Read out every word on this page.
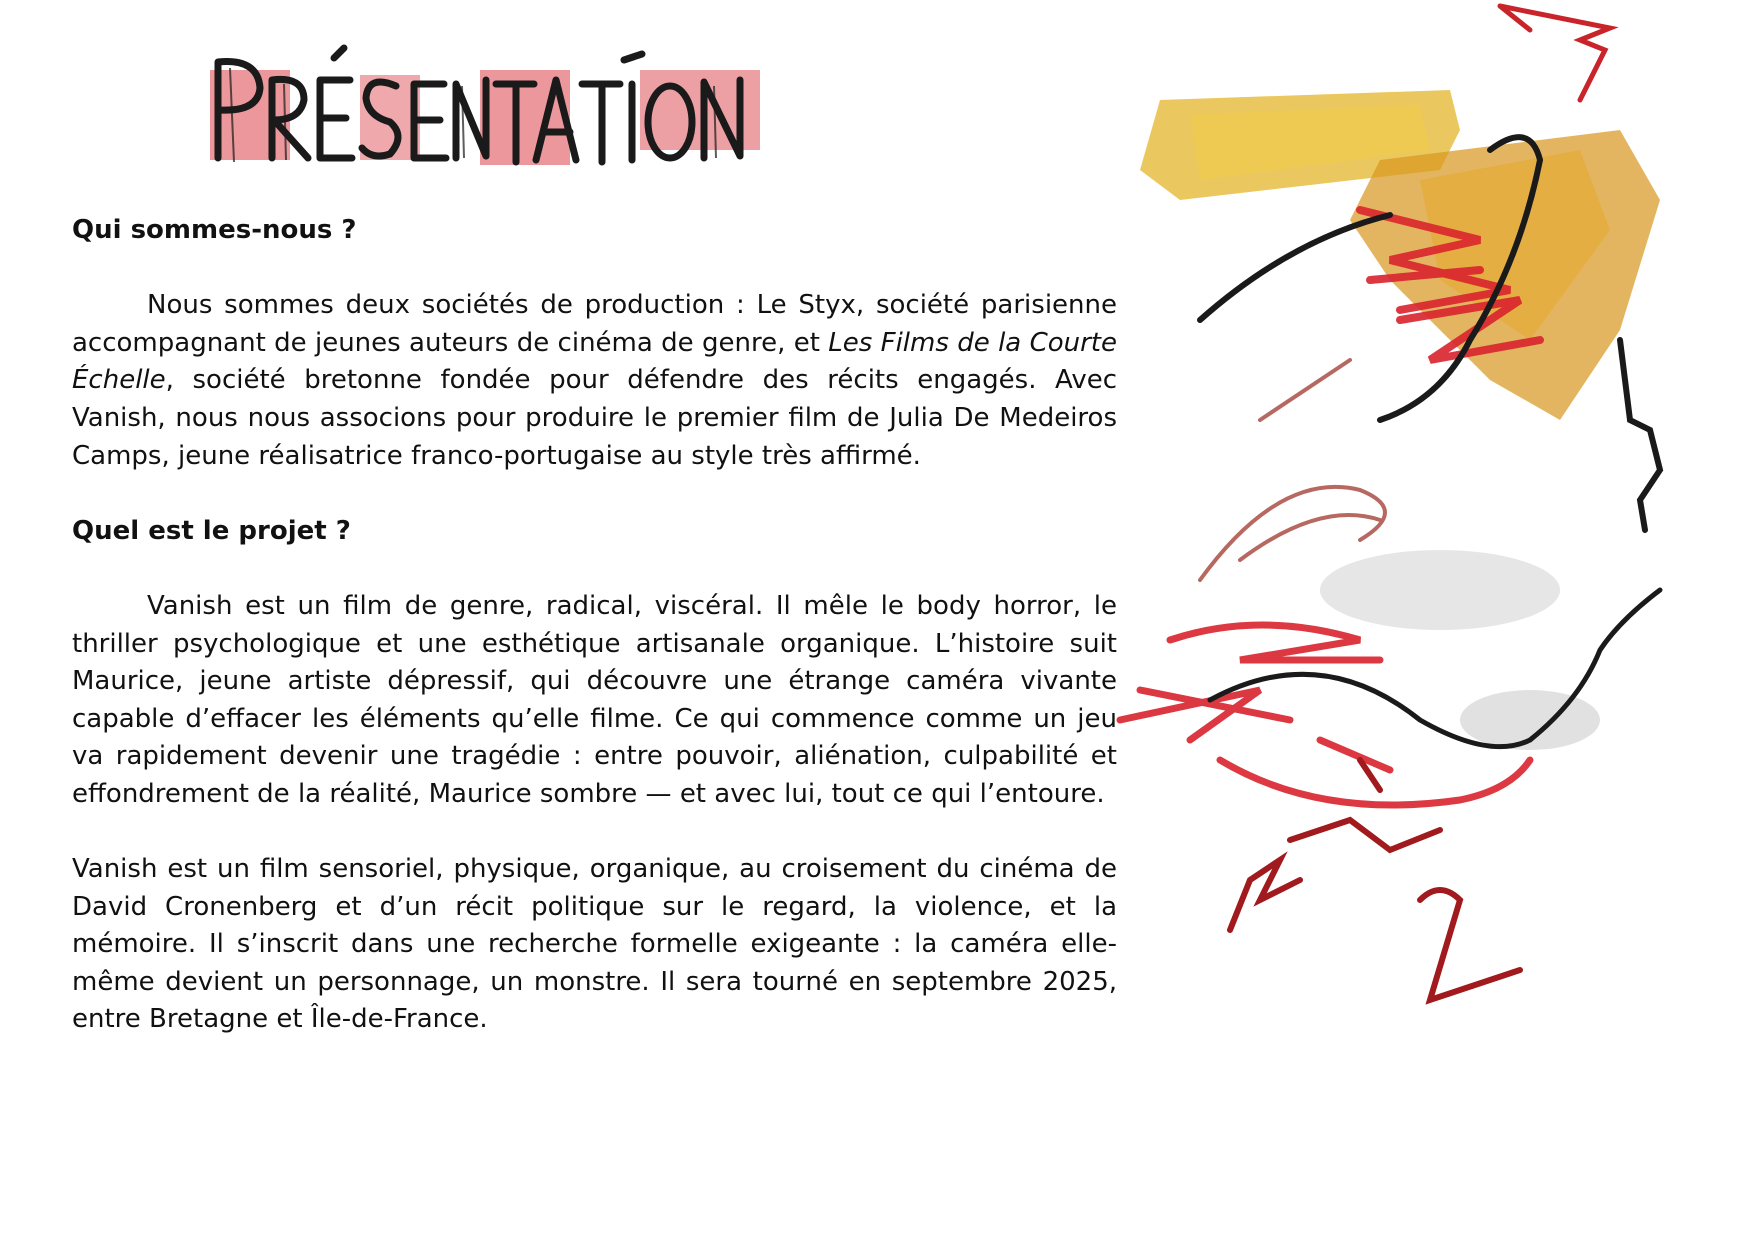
Qui sommes-nous ?

Nous sommes deux sociétés de production : Le Styx, société parisienne accompagnant de jeunes auteurs de cinéma de genre, et Les Films de la Courte Échelle, société bretonne fondée pour défendre des récits engagés. Avec Vanish, nous nous associons pour produire le premier film de Julia De Medeiros Camps, jeune réalisatrice franco-portugaise au style très affirmé.

Quel est le projet ?

Vanish est un film de genre, radical, viscéral. Il mêle le body horror, le thriller psychologique et une esthétique artisanale organique. L’histoire suit Maurice, jeune artiste dépressif, qui découvre une étrange caméra vivante capable d’effacer les éléments qu’elle filme. Ce qui commence comme un jeu va rapidement devenir une tragédie : entre pouvoir, aliénation, culpabilité et effondrement de la réalité, Maurice sombre — et avec lui, tout ce qui l’entoure.

Vanish est un film sensoriel, physique, organique, au croisement du cinéma de David Cronenberg et d’un récit politique sur le regard, la violence, et la mémoire. Il s’inscrit dans une recherche formelle exigeante : la caméra elle-même devient un personnage, un monstre. Il sera tourné en septembre 2025, entre Bretagne et Île-de-France.
